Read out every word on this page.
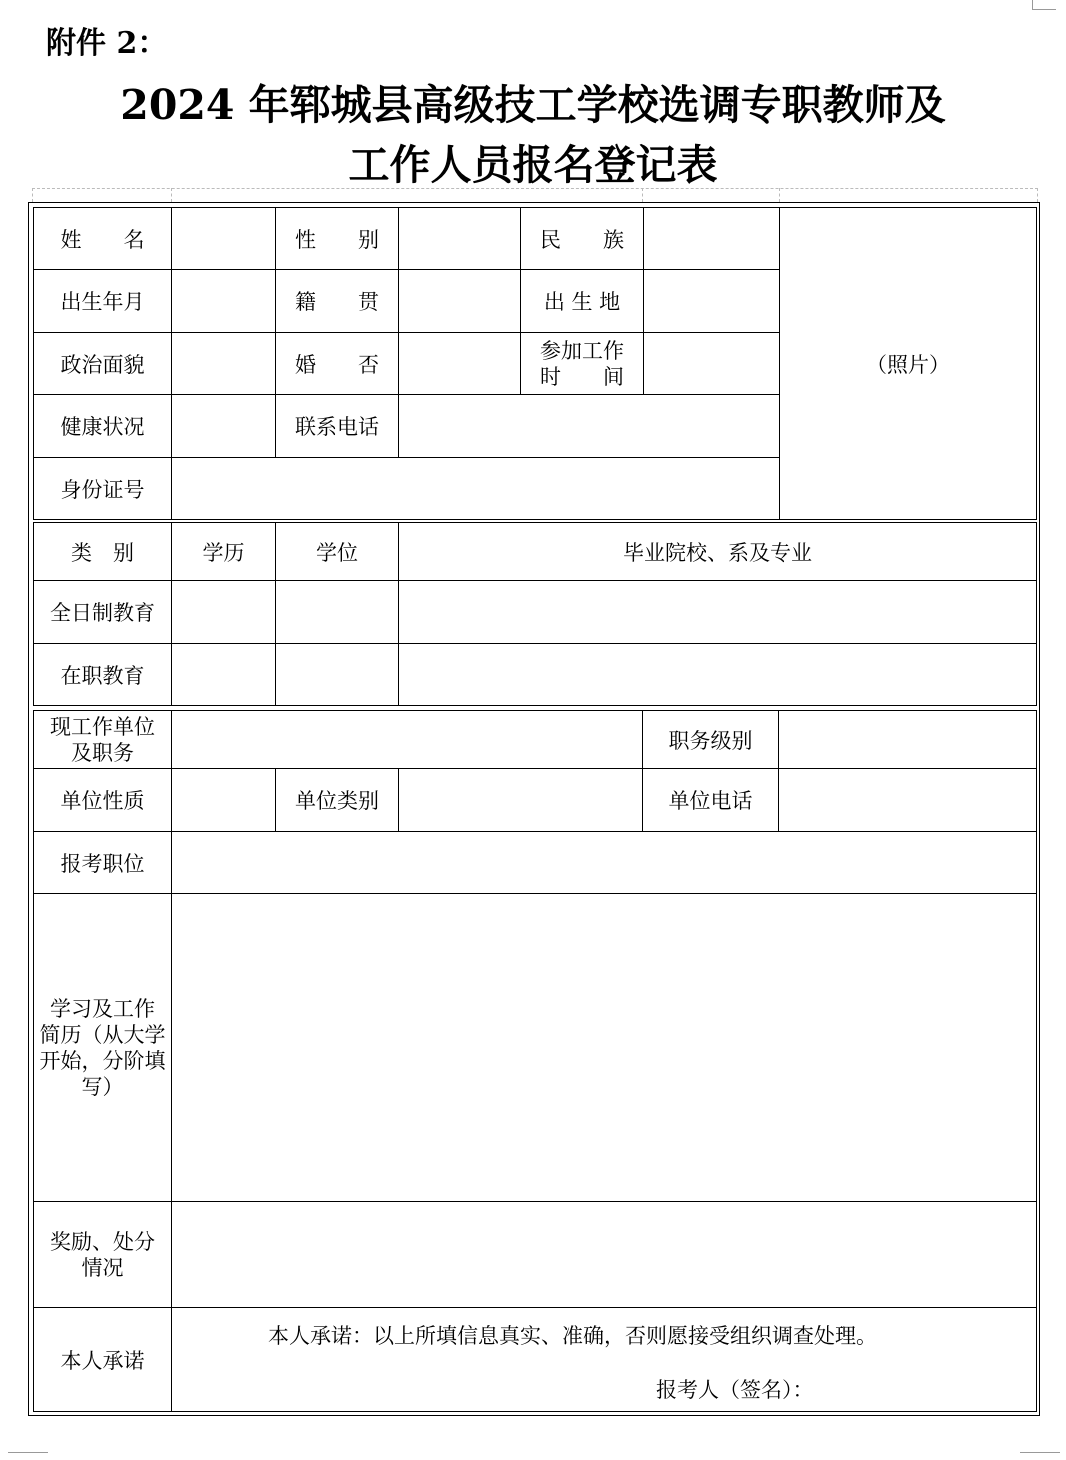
附件 2：
2024 年郓城县高级技工学校选调专职教师及
工作人员报名登记表
姓　　名		性　　别		民　　族		（照片）
出生年月		籍　　贯		出 生 地		
政治面貌		婚　　否		参加工作
时　　间		
健康状况		联系电话				
身份证号						
类　别	学历	学位	毕业院校、系及专业
全日制教育			
在职教育			
现工作单位
及职务				职务级别	
单位性质		单位类别		单位电话	
报考职位					
学习及工作
简历（从大学
开始，分阶填
写）					
奖励、处分
情况					
本人承诺	本人承诺：以上所填信息真实、准确，否则愿接受组织调查处理。
报考人（签名）：				
